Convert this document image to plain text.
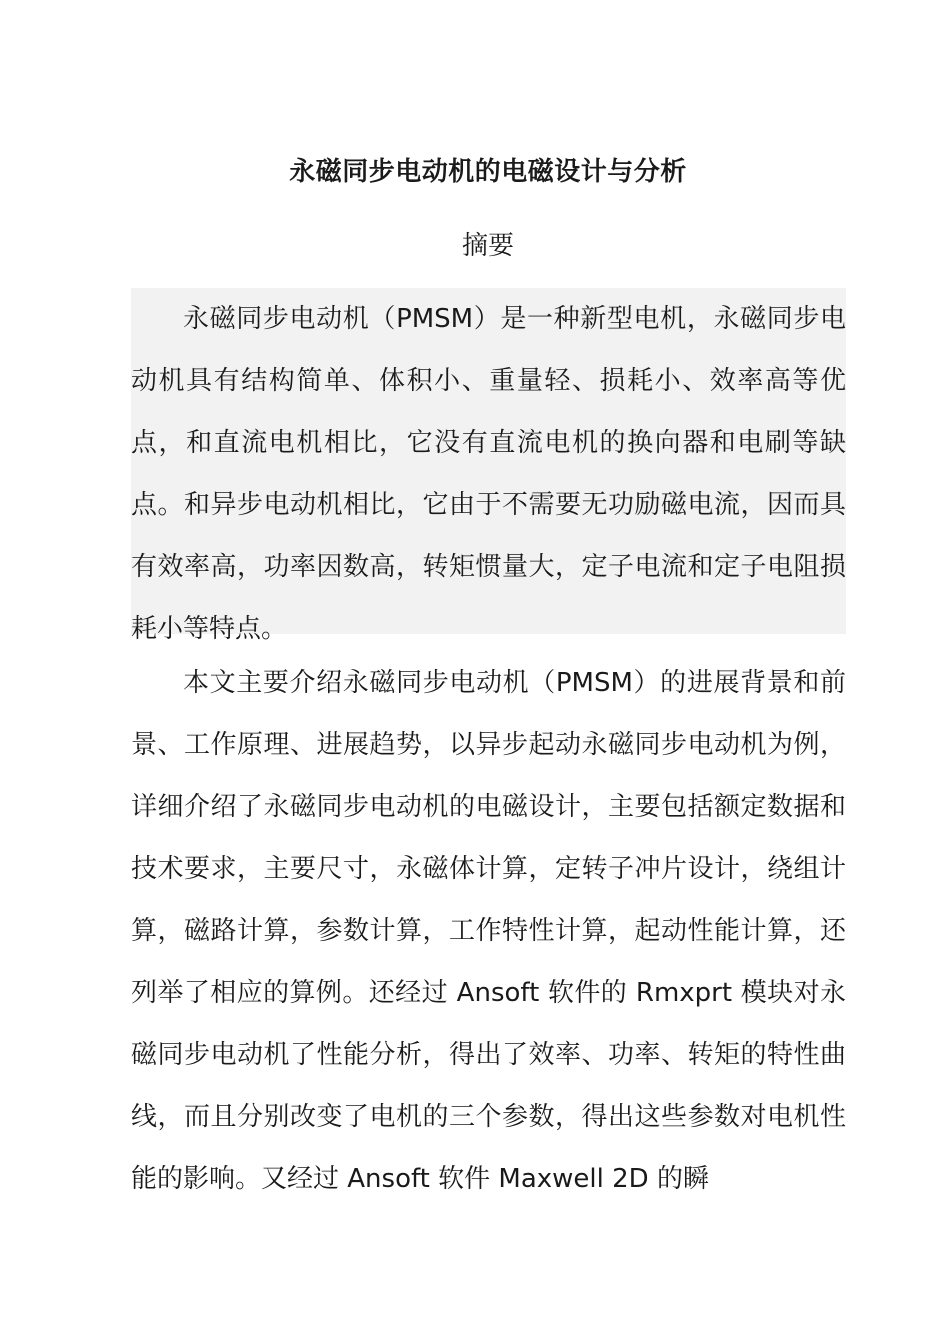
永磁同步电动机的电磁设计与分析
摘要

永磁同步电动机（PMSM）是一种新型电机，永磁同步电动机具有结构简单、体积小、重量轻、损耗小、效率高等优点，和直流电机相比，它没有直流电机的换向器和电刷等缺点。和异步电动机相比，它由于不需要无功励磁电流，因而具有效率高，功率因数高，转矩惯量大，定子电流和定子电阻损耗小等特点。

本文主要介绍永磁同步电动机（PMSM）的进展背景和前景、工作原理、进展趋势，以异步起动永磁同步电动机为例，详细介绍了永磁同步电动机的电磁设计，主要包括额定数据和技术要求，主要尺寸，永磁体计算，定转子冲片设计，绕组计算，磁路计算，参数计算，工作特性计算，起动性能计算，还列举了相应的算例。还经过 Ansoft 软件的 Rmxprt 模块对永磁同步电动机了性能分析，得出了效率、功率、转矩的特性曲线，而且分别改变了电机的三个参数，得出这些参数对电机性能的影响。又经过 Ansoft 软件 Maxwell 2D 的瞬
